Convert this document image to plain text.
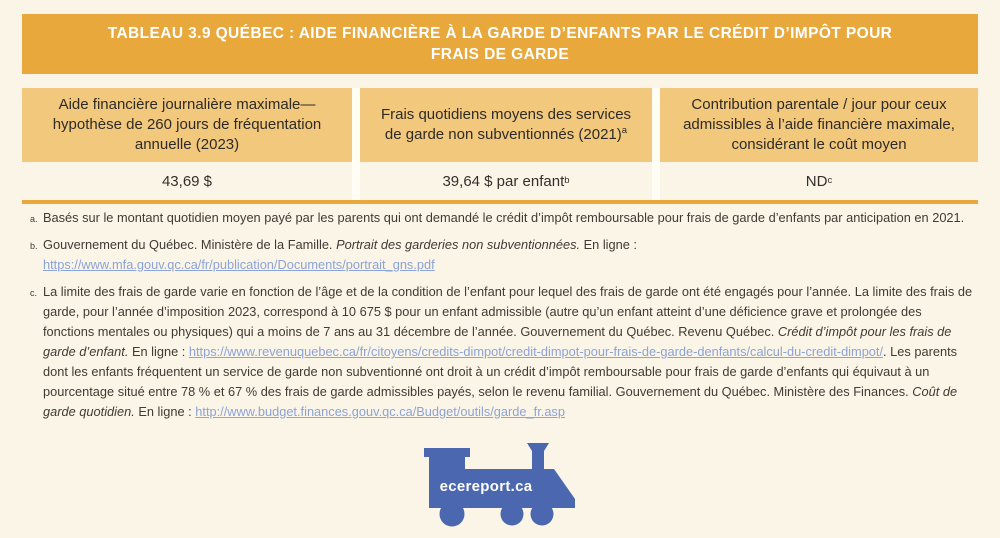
TABLEAU 3.9 QUÉBEC : AIDE FINANCIÈRE À LA GARDE D’ENFANTS PAR LE CRÉDIT D’IMPÔT POUR FRAIS DE GARDE
Aide financière journalière maximale—hypothèse de 260 jours de fréquentation annuelle (2023)
43,69 $
Frais quotidiens moyens des services de garde non subventionnés $(2021)^a$
39,64 $ par enfant b
Contribution parentale / jour pour ceux admissibles à l’aide financière maximale, considérant le coût moyen
ND c

a. Basés sur le montant quotidien moyen payé par les parents qui ont demandé le crédit d’impôt remboursable pour frais de garde d’enfants par anticipation en 2021.

b. Gouvernement du Québec. Ministère de la Famille. Portrait des garderies non subventionnées. En ligne : https://www.mfa.gouv.qc.ca/fr/publication/Documents/portrait_gns.pdf

c. La limite des frais de garde varie en fonction de l’âge et de la condition de l’enfant pour lequel des frais de garde ont été engagés pour l’année. La limite des frais de garde, pour l’année d’imposition 2023, correspond à 10 675 $ pour un enfant admissible (autre qu’un enfant atteint d’une déficience grave et prolongée des fonctions mentales ou physiques) qui a moins de 7 ans au 31 décembre de l’année. Gouvernement du Québec. Revenu Québec. Crédit d’impôt pour les frais de garde d’enfant. En ligne : https://www.revenuquebec.ca/fr/citoyens/credits-dimpot/credit-dimpot-pour-frais-de-garde-denfants/calcul-du-credit-dimpot/. Les parents dont les enfants fréquentent un service de garde non subventionné ont droit à un crédit d’impôt remboursable pour frais de garde d’enfants qui équivaut à un pourcentage situé entre 78 % et 67 % des frais de garde admissibles payés, selon le revenu familial. Gouvernement du Québec. Ministère des Finances. Coût de garde quotidien. En ligne : http://www.budget.finances.gouv.qc.ca/Budget/outils/garde_fr.asp

ecereport.ca
